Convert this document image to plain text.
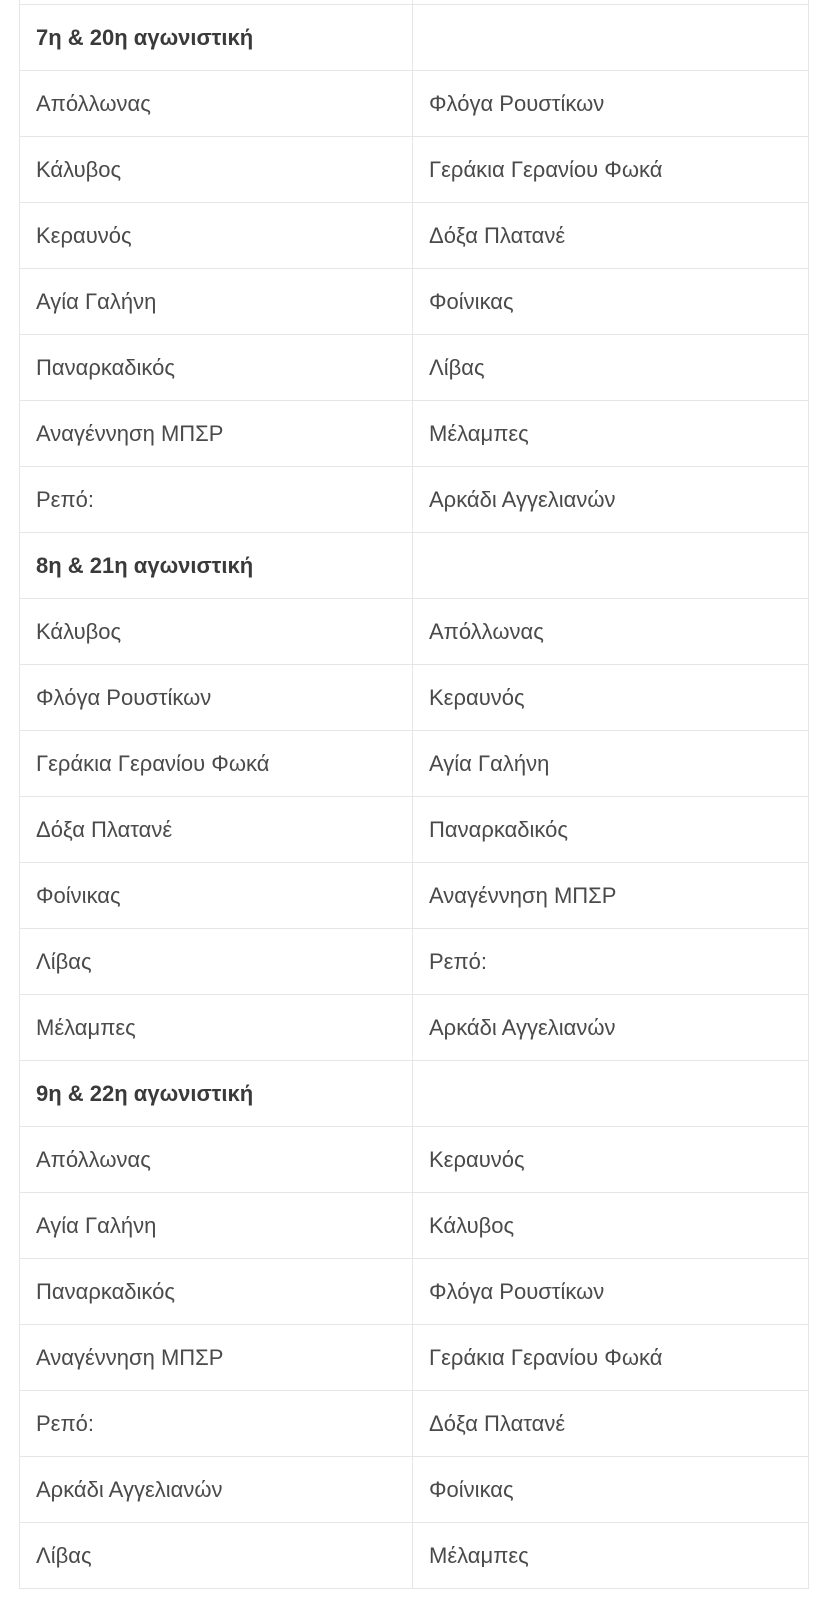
7η & 20η αγωνιστική	
Απόλλωνας	Φλόγα Ρουστίκων
Κάλυβος	Γεράκια Γερανίου Φωκά
Κεραυνός	Δόξα Πλατανέ
Αγία Γαλήνη	Φοίνικας
Παναρκαδικός	Λίβας
Αναγέννηση ΜΠΣΡ	Μέλαμπες
Ρεπό:	Αρκάδι Αγγελιανών
8η & 21η αγωνιστική	
Κάλυβος	Απόλλωνας
Φλόγα Ρουστίκων	Κεραυνός
Γεράκια Γερανίου Φωκά	Αγία Γαλήνη
Δόξα Πλατανέ	Παναρκαδικός
Φοίνικας	Αναγέννηση ΜΠΣΡ
Λίβας	Ρεπό:
Μέλαμπες	Αρκάδι Αγγελιανών
9η & 22η αγωνιστική	
Απόλλωνας	Κεραυνός
Αγία Γαλήνη	Κάλυβος
Παναρκαδικός	Φλόγα Ρουστίκων
Αναγέννηση ΜΠΣΡ	Γεράκια Γερανίου Φωκά
Ρεπό:	Δόξα Πλατανέ
Αρκάδι Αγγελιανών	Φοίνικας
Λίβας	Μέλαμπες
